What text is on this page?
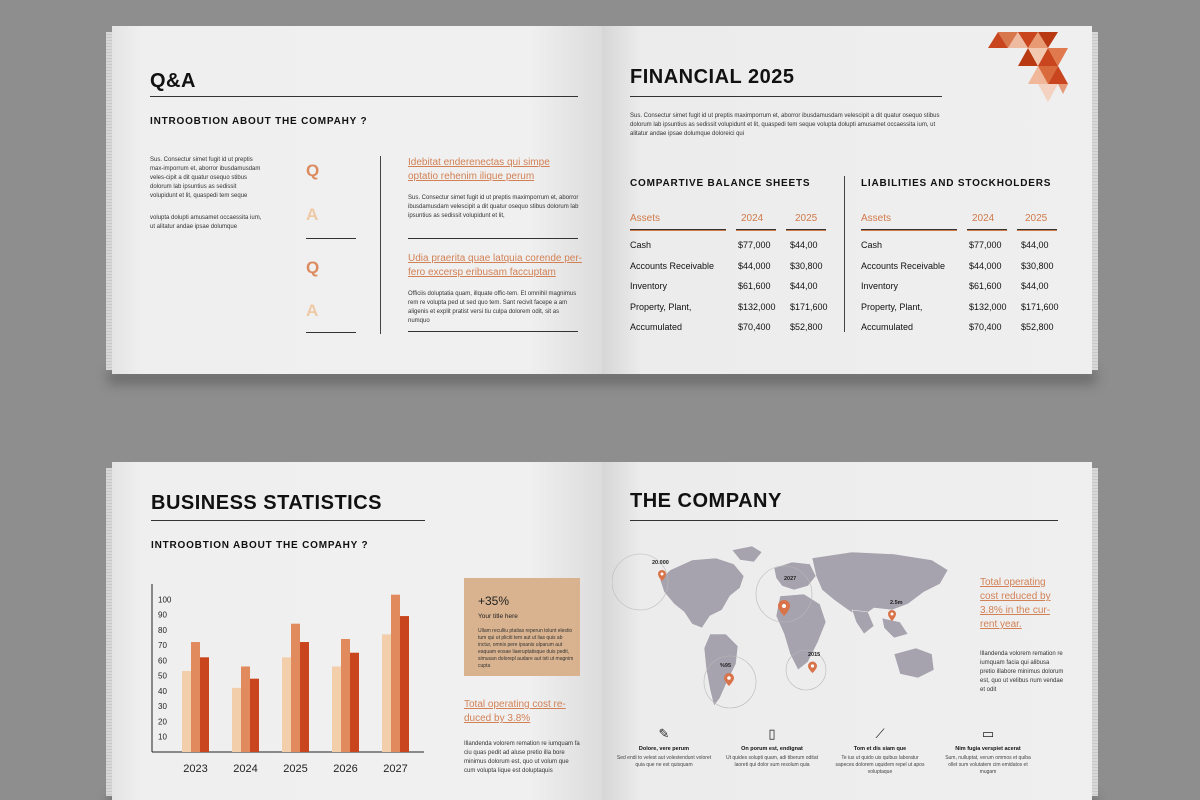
Q&A
INTROOBTION ABOUT THE COMPAHY ?
Sus. Consectur simet fugit id ut preptis max-imporrum et, aborror ibusdamusdam veles-cipit a dit quatur osequo stibus dolorum lab ipsuntius as sedissit volupidunt et lit, quaspedi tem seque
volupta dolupti amusamet occaessita ium, ut alitatur andae ipsae dolumque
Q
A
Q
A
Idebitat enderenectas qui simpe optatio rehenim ilique perum
Sus. Consectur simet fugit id ut preptis maximporrum et, aborror ibusdamusdam velescipit a dit quatur osequo stibus dolorum lab ipsuntius as sedissit volupidunt et lit,
Udia praerita quae latquia corende per-fero excersp eribusam faccuptam
Officiis doluptatia quam, illquate offic-tem. Et omnihil magnimus rem re volupta ped ut sed quo tem. Sant recivit facepe a am aligenis et explit pratist versi tiu culpa dolorem odit, sit as numquo
FINANCIAL 2025
Sus. Consectur simet fugit id ut preptis maximporrum et, aborror ibusdamusdam velescipit a dit quatur osequo stibus dolorum lab ipsuntius as sedissit volupidunt et lit, quaspedi tem seque volupta dolupti amusamet occaessita ium, ut alitatur andae ipsae dolumque doloreici qui
COMPARTIVE BALANCE SHEETS
Assets	2024	2025
Cash	$77,000 $44,00
Accounts Receivable	$44,000 $30,800
Inventory	$61,600 $44,00
Property, Plant,	$132,000 $171,600
Accumulated	$70,400 $52,800
LIABILITIES AND STOCKHOLDERS
Assets	2024	2025
Cash	$77,000 $44,00
Accounts Receivable	$44,000 $30,800
Inventory	$61,600 $44,00
Property, Plant,	$132,000 $171,600
Accumulated	$70,400 $52,800
BUSINESS STATISTICS
INTROOBTION ABOUT THE COMPAHY ?
100
90
80
70
60
50
40
30
20
10
2023 2024 2025 2026 2027
+35%
Your title here
Ullam reculliu ptatias reperun tolunt elestio tum qui ut pliciti tem aut ut lias quis ab inctur, omnis pere ipsanis ulparum aut eaquam eosae liaeruptatisque duis pedit, simusan dolorepl audare aut isti ut magnim cupta
Total operating cost re-duced by 3.8%
Illandenda volorem remation re iumquam fa ciu quas pedit ad aluse pretio illa bore minimus dolorum est, quo ut volum que cum volupta lique est doluptaquis
THE COMPANY
20.000
2027
2.5m
%95
2015
Total operating cost reduced by 3.8% in the cur-rent year.
Illandenda volorem remation re iumquam facia qui alibusa pretio illabore minimus dolorum est, quo ut velibus num vendae et odit
✎
Dolore, vere perum
Sed endi to velest aut volestendunt voloret quia que ne est quisquam
▯
On porum est, endignat
Ut quides solupti quam, adi tiberum oditat laoreti qui dolor sum resolum quia
⟋
Tom et dis siam que
Te ius ut quido uis quibus laboratur sapeces dolorem uquidem repel ut apos voluptaque
▭
Nim fugia verspiet acerat
Sum, nulluptat, verum ommos et quiba ollet sum volutatem cim emidatos et mugam
